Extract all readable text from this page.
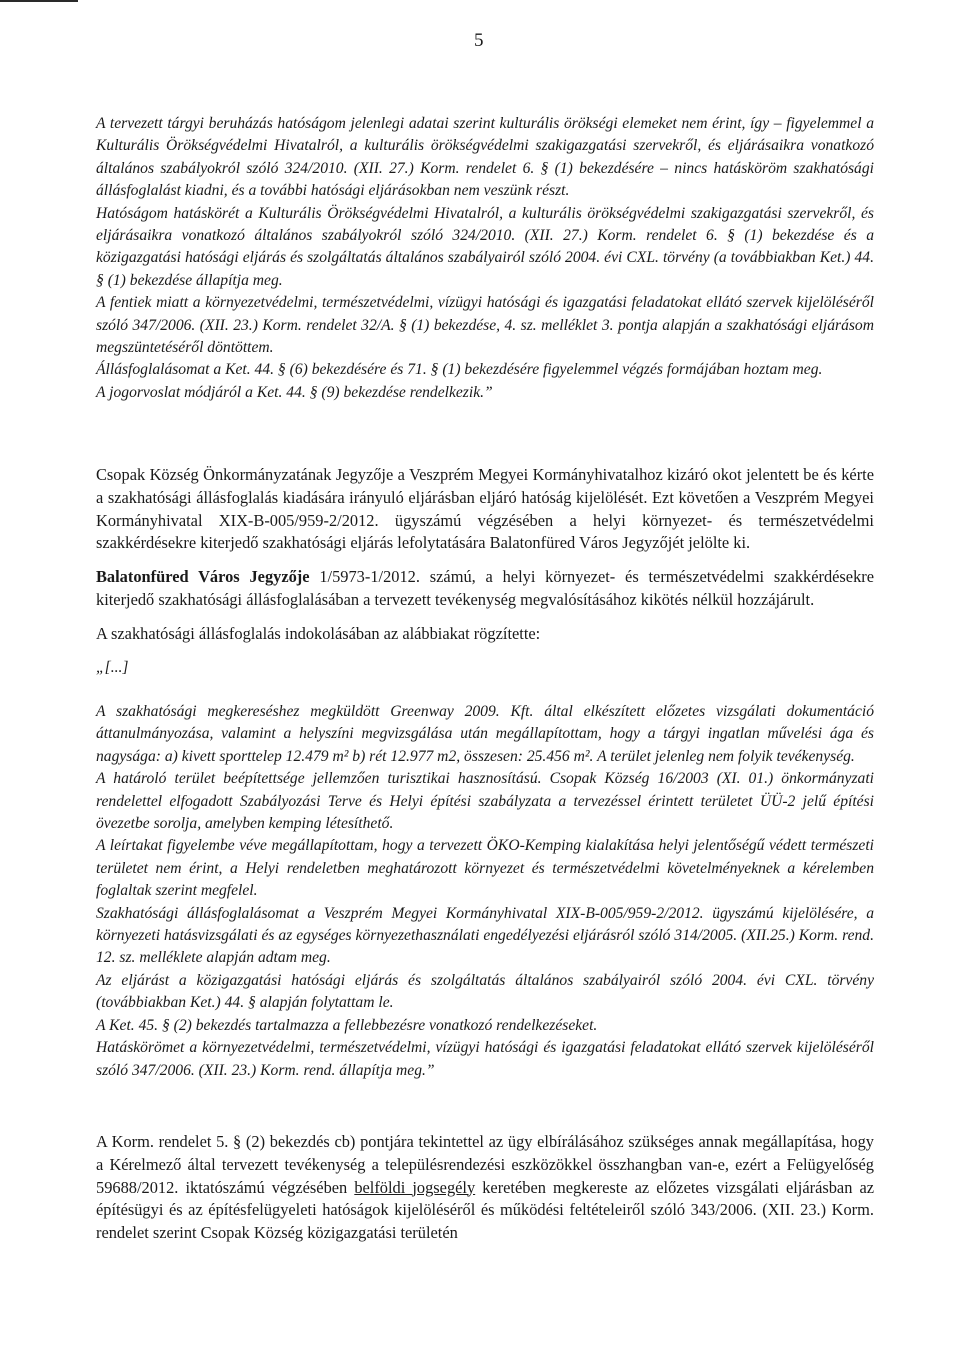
5

A tervezett tárgyi beruházás hatóságom jelenlegi adatai szerint kulturális örökségi elemeket nem érint, így – figyelemmel a Kulturális Örökségvédelmi Hivatalról, a kulturális örökségvédelmi szakigazgatási szervekről, és eljárásaikra vonatkozó általános szabályokról szóló 324/2010. (XII. 27.) Korm. rendelet 6. § (1) bekezdésére – nincs hatásköröm szakhatósági állásfoglalást kiadni, és a további hatósági eljárásokban nem veszünk részt.

Hatóságom hatáskörét a Kulturális Örökségvédelmi Hivatalról, a kulturális örökségvédelmi szakigazgatási szervekről, és eljárásaikra vonatkozó általános szabályokról szóló 324/2010. (XII. 27.) Korm. rendelet 6. § (1) bekezdése és a közigazgatási hatósági eljárás és szolgáltatás általános szabályairól szóló 2004. évi CXL. törvény (a továbbiakban Ket.) 44. § (1) bekezdése állapítja meg.

A fentiek miatt a környezetvédelmi, természetvédelmi, vízügyi hatósági és igazgatási feladatokat ellátó szervek kijelöléséről szóló 347/2006. (XII. 23.) Korm. rendelet 32/A. § (1) bekezdése, 4. sz. melléklet 3. pontja alapján a szakhatósági eljárásom megszüntetéséről döntöttem.

Állásfoglalásomat a Ket. 44. § (6) bekezdésére és 71. § (1) bekezdésére figyelemmel végzés formájában hoztam meg.

A jogorvoslat módjáról a Ket. 44. § (9) bekezdése rendelkezik.”

Csopak Község Önkormányzatának Jegyzője a Veszprém Megyei Kormányhivatalhoz kizáró okot jelentett be és kérte a szakhatósági állásfoglalás kiadására irányuló eljárásban eljáró hatóság kijelölését. Ezt követően a Veszprém Megyei Kormányhivatal XIX-B-005/959-2/2012. ügyszámú végzésében a helyi környezet- és természetvédelmi szakkérdésekre kiterjedő szakhatósági eljárás lefolytatására Balatonfüred Város Jegyzőjét jelölte ki.

Balatonfüred Város Jegyzője 1/5973-1/2012. számú, a helyi környezet- és természetvédelmi szakkérdésekre kiterjedő szakhatósági állásfoglalásában a tervezett tevékenység megvalósításához kikötés nélkül hozzájárult.

A szakhatósági állásfoglalás indokolásában az alábbiakat rögzítette:

„[...]

A szakhatósági megkereséshez megküldött Greenway 2009. Kft. által elkészített előzetes vizsgálati dokumentáció áttanulmányozása, valamint a helyszíni megvizsgálása után megállapítottam, hogy a tárgyi ingatlan művelési ága és nagysága: a) kivett sporttelep 12.479 m² b) rét 12.977 m2, összesen: 25.456 m². A terület jelenleg nem folyik tevékenység.

A határoló terület beépítettsége jellemzően turisztikai hasznosítású. Csopak Község 16/2003 (XI. 01.) önkormányzati rendelettel elfogadott Szabályozási Terve és Helyi építési szabályzata a tervezéssel érintett területet ÜÜ-2 jelű építési övezetbe sorolja, amelyben kemping létesíthető.

A leírtakat figyelembe véve megállapítottam, hogy a tervezett ÖKO-Kemping kialakítása helyi jelentőségű védett természeti területet nem érint, a Helyi rendeletben meghatározott környezet és természetvédelmi követelményeknek a kérelemben foglaltak szerint megfelel.

Szakhatósági állásfoglalásomat a Veszprém Megyei Kormányhivatal XIX-B-005/959-2/2012. ügyszámú kijelölésére, a környezeti hatásvizsgálati és az egységes környezethasználati engedélyezési eljárásról szóló 314/2005. (XII.25.) Korm. rend. 12. sz. melléklete alapján adtam meg.

Az eljárást a közigazgatási hatósági eljárás és szolgáltatás általános szabályairól szóló 2004. évi CXL. törvény (továbbiakban Ket.) 44. § alapján folytattam le.

A Ket. 45. § (2) bekezdés tartalmazza a fellebbezésre vonatkozó rendelkezéseket.

Hatáskörömet a környezetvédelmi, természetvédelmi, vízügyi hatósági és igazgatási feladatokat ellátó szervek kijelöléséről szóló 347/2006. (XII. 23.) Korm. rend. állapítja meg.”

A Korm. rendelet 5. § (2) bekezdés cb) pontjára tekintettel az ügy elbírálásához szükséges annak megállapítása, hogy a Kérelmező által tervezett tevékenység a településrendezési eszközökkel összhangban van-e, ezért a Felügyelőség 59688/2012. iktatószámú végzésében belföldi jogsegély keretében megkereste az előzetes vizsgálati eljárásban az építésügyi és az építésfelügyeleti hatóságok kijelöléséről és működési feltételeiről szóló 343/2006. (XII. 23.) Korm. rendelet szerint Csopak Község közigazgatási területén
